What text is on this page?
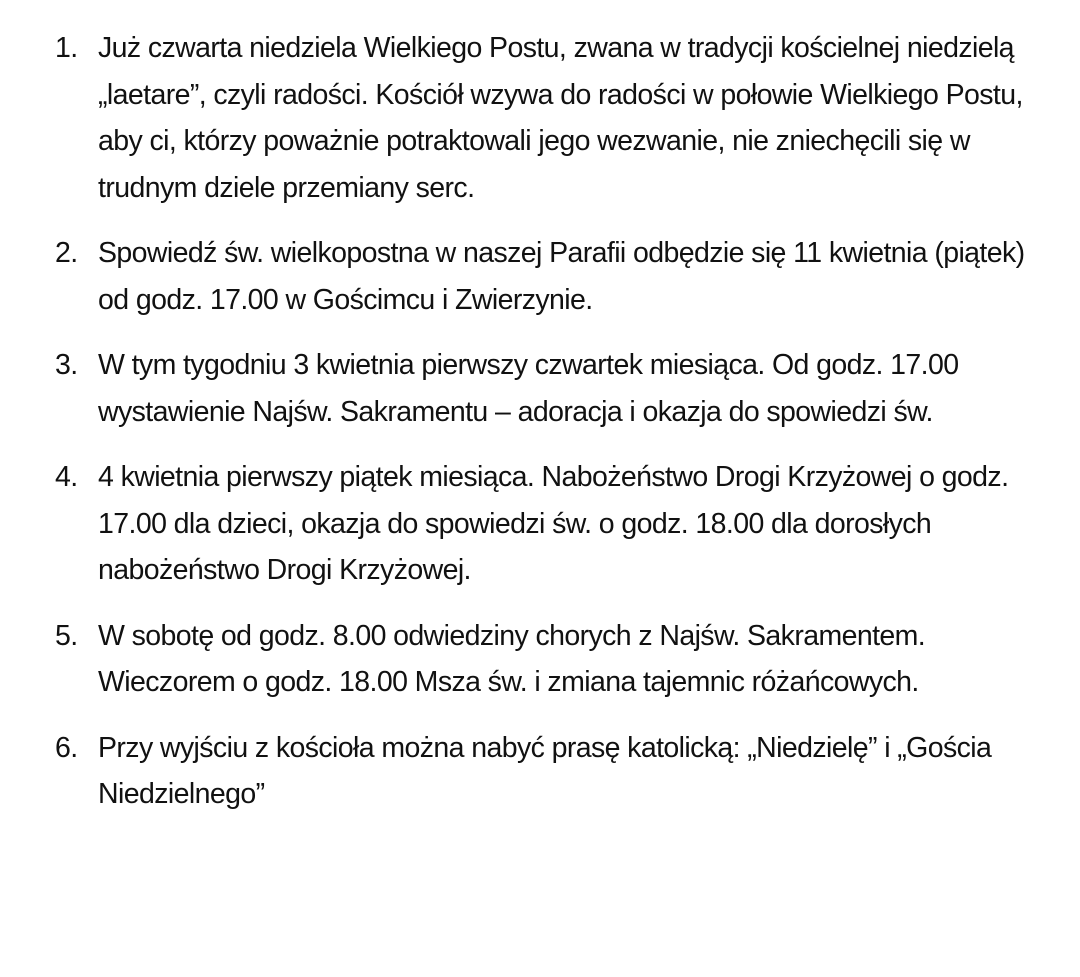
1. Już czwarta niedziela Wielkiego Postu, zwana w tradycji kościelnej niedzielą „laetare”, czyli radości. Kościół wzywa do radości w połowie Wielkiego Postu, aby ci, którzy poważnie potraktowali jego wezwanie, nie zniechęcili się w trudnym dziele przemiany serc.
2. Spowiedź św. wielkopostna w naszej Parafii odbędzie się 11 kwietnia (piątek) od godz. 17.00 w Gościmcu i Zwierzynie.
3. W tym tygodniu 3 kwietnia pierwszy czwartek miesiąca. Od godz. 17.00 wystawienie Najśw. Sakramentu – adoracja i okazja do spowiedzi św.
4. 4 kwietnia pierwszy piątek miesiąca. Nabożeństwo Drogi Krzyżowej o godz. 17.00 dla dzieci, okazja do spowiedzi św. o godz. 18.00 dla dorosłych nabożeństwo Drogi Krzyżowej.
5. W sobotę od godz. 8.00 odwiedziny chorych z Najśw. Sakramentem. Wieczorem o godz. 18.00 Msza św. i zmiana tajemnic różańcowych.
6. Przy wyjściu z kościoła można nabyć prasę katolicką: „Niedzielę” i „Gościa Niedzielnego”
